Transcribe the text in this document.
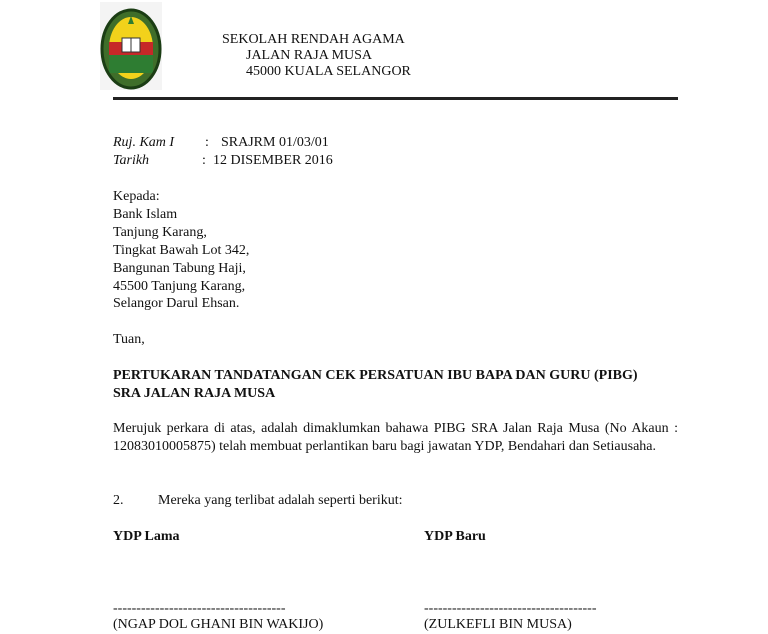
SEKOLAH RENDAH AGAMA
JALAN RAJA MUSA
45000 KUALA SELANGOR
Ruj. Kam I : SRAJRM 01/03/01
Tarikh	: 12 DISEMBER 2016
Kepada:
Bank Islam
Tanjung Karang,
Tingkat Bawah Lot 342,
Bangunan Tabung Haji,
45500 Tanjung Karang,
Selangor Darul Ehsan.
Tuan,
PERTUKARAN TANDATANGAN CEK PERSATUAN IBU BAPA DAN GURU (PIBG)
SRA JALAN RAJA MUSA
Merujuk perkara di atas, adalah dimaklumkan bahawa PIBG SRA Jalan Raja Musa (No Akaun : 12083010005875) telah membuat perlantikan baru bagi jawatan YDP, Bendahari dan Setiausaha.
2. Mereka yang terlibat adalah seperti berikut:
YDP Lama	YDP Baru
-------------------------------------	-------------------------------------
(NGAP DOL GHANI BIN WAKIJO)	(ZULKEFLI BIN MUSA)
